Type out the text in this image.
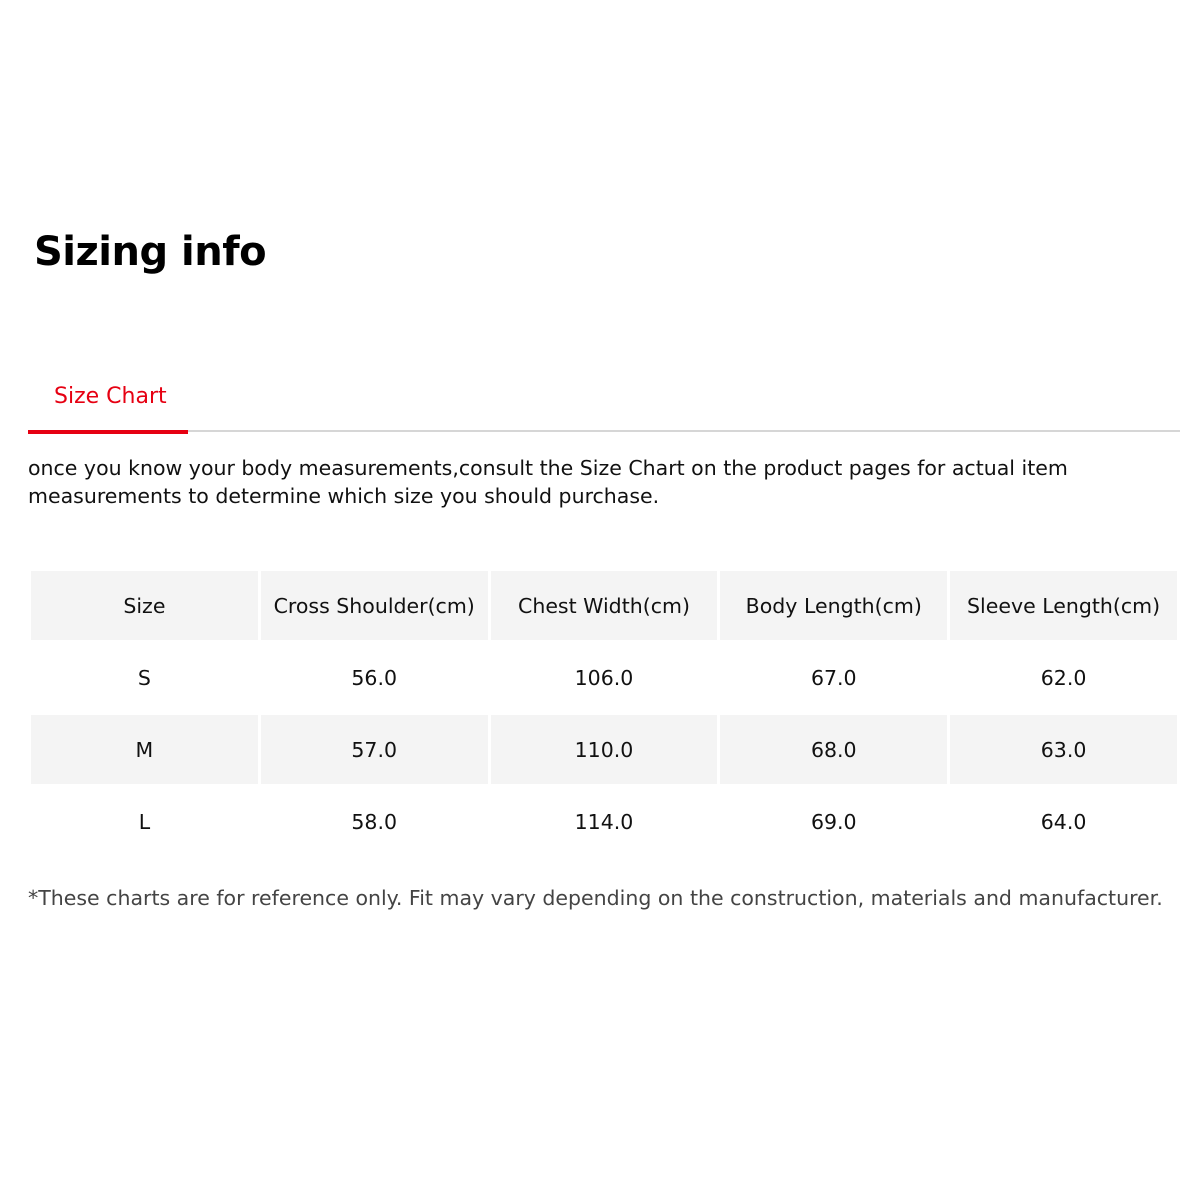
Sizing info
Size Chart

once you know your body measurements,consult the Size Chart on the product pages for actual item measurements to determine which size you should purchase.

Size	Cross Shoulder(cm)	Chest Width(cm)	Body Length(cm)	Sleeve Length(cm)
S	56.0	106.0	67.0	62.0
M	57.0	110.0	68.0	63.0
L	58.0	114.0	69.0	64.0

*These charts are for reference only. Fit may vary depending on the construction, materials and manufacturer.
